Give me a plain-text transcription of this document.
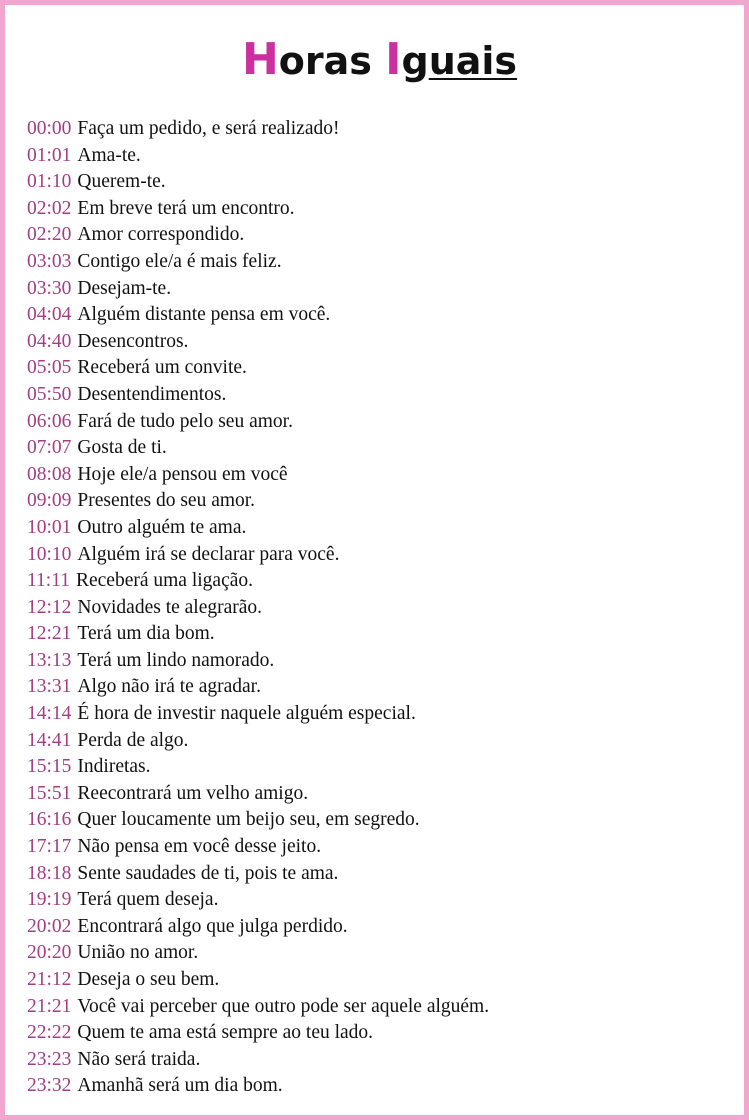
Horas Iguais
00:00 Faça um pedido, e será realizado!
01:01 Ama-te.
01:10 Querem-te.
02:02 Em breve terá um encontro.
02:20 Amor correspondido.
03:03 Contigo ele/a é mais feliz.
03:30 Desejam-te.
04:04 Alguém distante pensa em você.
04:40 Desencontros.
05:05 Receberá um convite.
05:50 Desentendimentos.
06:06 Fará de tudo pelo seu amor.
07:07 Gosta de ti.
08:08 Hoje ele/a pensou em você
09:09 Presentes do seu amor.
10:01 Outro alguém te ama.
10:10 Alguém irá se declarar para você.
11:11 Receberá uma ligação.
12:12 Novidades te alegrarão.
12:21 Terá um dia bom.
13:13 Terá um lindo namorado.
13:31 Algo não irá te agradar.
14:14 É hora de investir naquele alguém especial.
14:41 Perda de algo.
15:15 Indiretas.
15:51 Reecontrará um velho amigo.
16:16 Quer loucamente um beijo seu, em segredo.
17:17 Não pensa em você desse jeito.
18:18 Sente saudades de ti, pois te ama.
19:19 Terá quem deseja.
20:02 Encontrará algo que julga perdido.
20:20 União no amor.
21:12 Deseja o seu bem.
21:21 Você vai perceber que outro pode ser aquele alguém.
22:22 Quem te ama está sempre ao teu lado.
23:23 Não será traida.
23:32 Amanhã será um dia bom.
